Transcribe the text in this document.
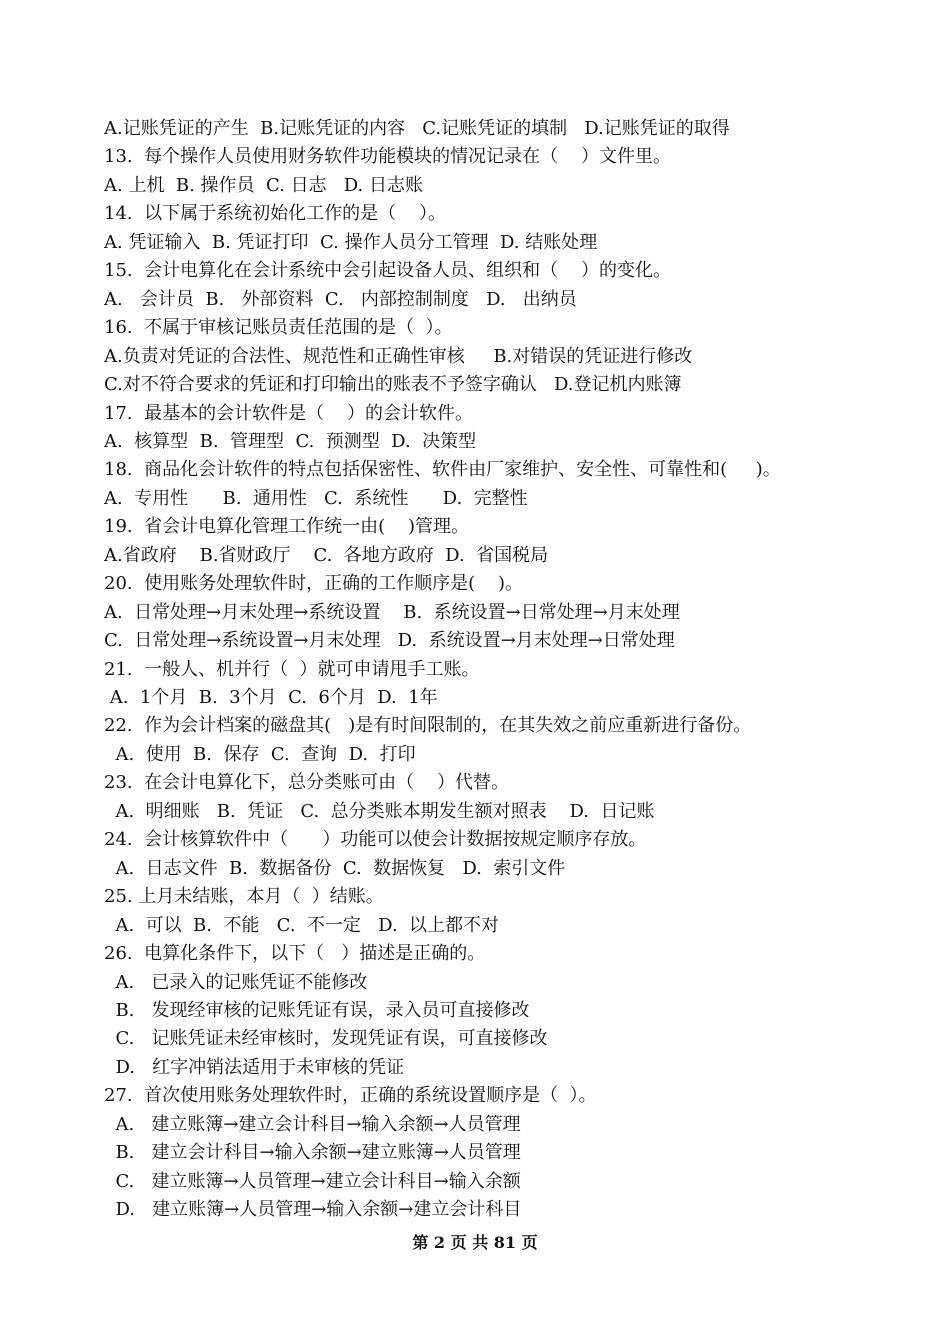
A.记账凭证的产生  B.记账凭证的内容   C.记账凭证的填制   D.记账凭证的取得
13.  每个操作人员使用财务软件功能模块的情况记录在（    ）文件里。
A. 上机  B. 操作员  C. 日志   D. 日志账
14.  以下属于系统初始化工作的是（    ）。
A. 凭证输入  B. 凭证打印  C. 操作人员分工管理  D. 结账处理
15.  会计电算化在会计系统中会引起设备人员、组织和（    ）的变化。
A.   会计员  B.   外部资料  C.   内部控制制度   D.   出纳员
16.  不属于审核记账员责任范围的是（  ）。
A.负责对凭证的合法性、规范性和正确性审核     B.对错误的凭证进行修改
C.对不符合要求的凭证和打印输出的账表不予签字确认   D.登记机内账簿
17.  最基本的会计软件是（    ）的会计软件。
A.  核算型  B.  管理型  C.  预测型  D.  决策型
18.  商品化会计软件的特点包括保密性、软件由厂家维护、安全性、可靠性和(     )。
A.  专用性      B.  通用性   C.  系统性      D.  完整性
19.  省会计电算化管理工作统一由(    )管理。
A.省政府    B.省财政厅    C.  各地方政府  D.  省国税局
20.  使用账务处理软件时，正确的工作顺序是(    )。
A.  日常处理→月末处理→系统设置    B.  系统设置→日常处理→月末处理
C.  日常处理→系统设置→月末处理   D.  系统设置→月末处理→日常处理
21.  一般人、机并行（  ）就可申请甩手工账。
A.  1个月  B.  3个月  C.  6个月  D.  1年
22.  作为会计档案的磁盘其(   )是有时间限制的，在其失效之前应重新进行备份。
A.  使用  B.  保存  C.  查询  D.  打印
23.  在会计电算化下，总分类账可由（    ）代替。
A.  明细账   B.  凭证   C.  总分类账本期发生额对照表    D.  日记账
24.  会计核算软件中（      ）功能可以使会计数据按规定顺序存放。
A.  日志文件  B.  数据备份  C.  数据恢复   D.  索引文件
25. 上月未结账，本月（  ）结账。
A.  可以  B.  不能   C.  不一定   D.  以上都不对
26.  电算化条件下，以下（   ）描述是正确的。
A.   已录入的记账凭证不能修改
B.   发现经审核的记账凭证有误，录入员可直接修改
C.   记账凭证未经审核时，发现凭证有误，可直接修改
D.   红字冲销法适用于未审核的凭证
27.  首次使用账务处理软件时，正确的系统设置顺序是（  ）。
A.   建立账簿→建立会计科目→输入余额→人员管理
B.   建立会计科目→输入余额→建立账簿→人员管理
C.   建立账簿→人员管理→建立会计科目→输入余额
D.   建立账簿→人员管理→输入余额→建立会计科目
第 2 页 共 81 页
